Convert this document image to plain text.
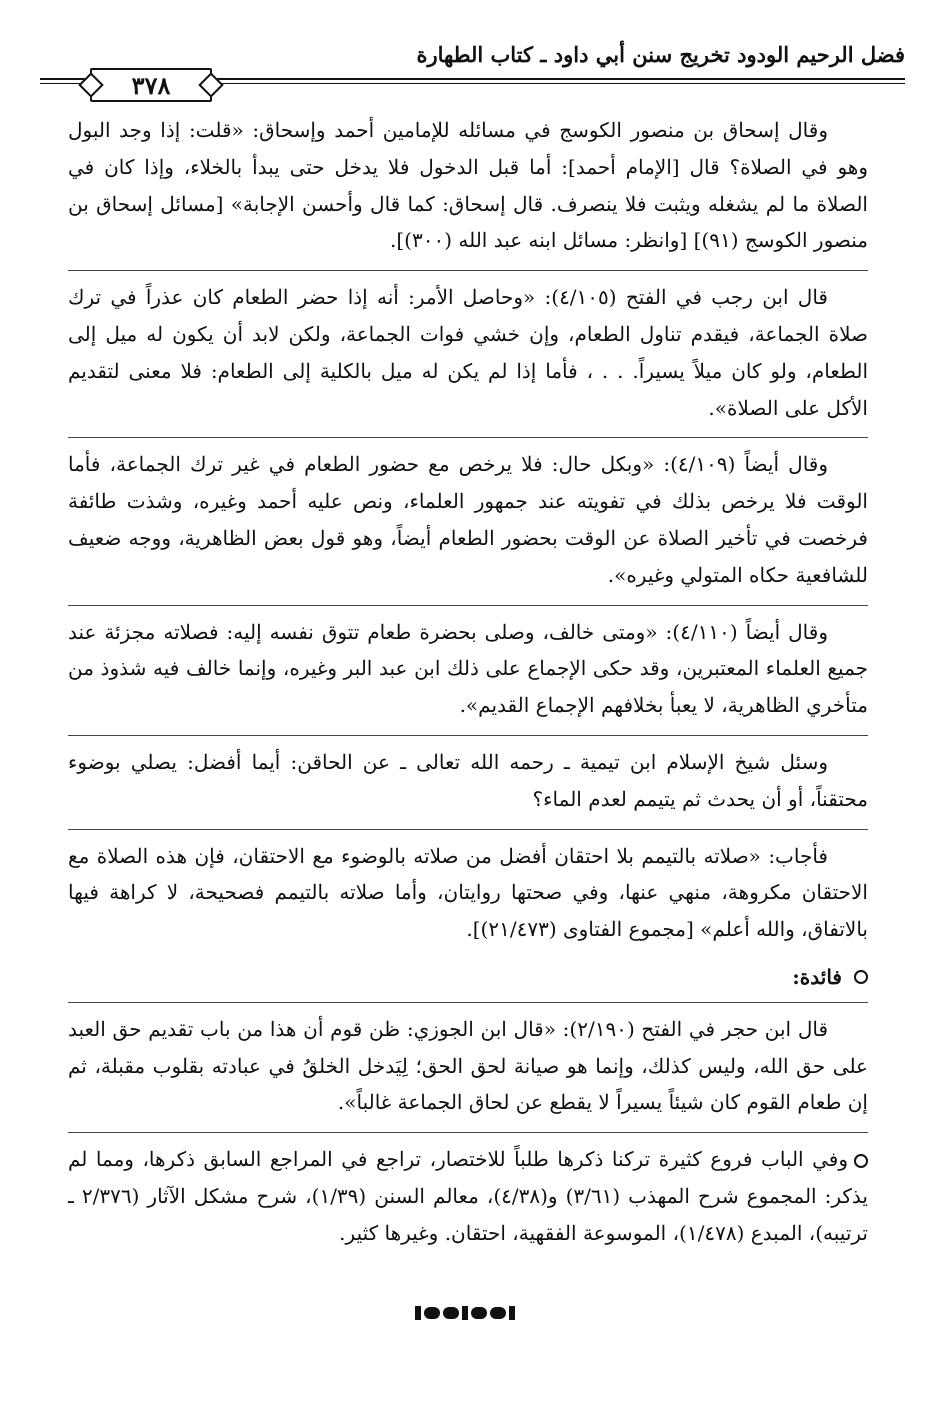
فضل الرحيم الودود تخريج سنن أبي داود ـ كتاب الطهارة
٣٧٨

وقال إسحاق بن منصور الكوسج في مسائله للإمامين أحمد وإسحاق: «قلت: إذا وجد البول وهو في الصلاة؟ قال [الإمام أحمد]: أما قبل الدخول فلا يدخل حتى يبدأ بالخلاء، وإذا كان في الصلاة ما لم يشغله ويثبت فلا ينصرف. قال إسحاق: كما قال وأحسن الإجابة» [مسائل إسحاق بن منصور الكوسج (٩١)] [وانظر: مسائل ابنه عبد الله (٣٠٠)].

قال ابن رجب في الفتح (٤/١٠٥): «وحاصل الأمر: أنه إذا حضر الطعام كان عذراً في ترك صلاة الجماعة، فيقدم تناول الطعام، وإن خشي فوات الجماعة، ولكن لابد أن يكون له ميل إلى الطعام، ولو كان ميلاً يسيراً. . . ، فأما إذا لم يكن له ميل بالكلية إلى الطعام: فلا معنى لتقديم الأكل على الصلاة».

وقال أيضاً (٤/١٠٩): «وبكل حال: فلا يرخص مع حضور الطعام في غير ترك الجماعة، فأما الوقت فلا يرخص بذلك في تفويته عند جمهور العلماء، ونص عليه أحمد وغيره، وشذت طائفة فرخصت في تأخير الصلاة عن الوقت بحضور الطعام أيضاً، وهو قول بعض الظاهرية، ووجه ضعيف للشافعية حكاه المتولي وغيره».

وقال أيضاً (٤/١١٠): «ومتى خالف، وصلى بحضرة طعام تتوق نفسه إليه: فصلاته مجزئة عند جميع العلماء المعتبرين، وقد حكى الإجماع على ذلك ابن عبد البر وغيره، وإنما خالف فيه شذوذ من متأخري الظاهرية، لا يعبأ بخلافهم الإجماع القديم».

وسئل شيخ الإسلام ابن تيمية ـ رحمه الله تعالى ـ عن الحاقن: أيما أفضل: يصلي بوضوء محتقناً، أو أن يحدث ثم يتيمم لعدم الماء؟

فأجاب: «صلاته بالتيمم بلا احتقان أفضل من صلاته بالوضوء مع الاحتقان، فإن هذه الصلاة مع الاحتقان مكروهة، منهي عنها، وفي صحتها روايتان، وأما صلاته بالتيمم فصحيحة، لا كراهة فيها بالاتفاق، والله أعلم» [مجموع الفتاوى (٢١/٤٧٣)].

فائدة:

قال ابن حجر في الفتح (٢/١٩٠): «قال ابن الجوزي: ظن قوم أن هذا من باب تقديم حق العبد على حق الله، وليس كذلك، وإنما هو صيانة لحق الحق؛ لِيَدخل الخلقُ في عبادته بقلوب مقبلة، ثم إن طعام القوم كان شيئاً يسيراً لا يقطع عن لحاق الجماعة غالباً».

وفي الباب فروع كثيرة تركنا ذكرها طلباً للاختصار، تراجع في المراجع السابق ذكرها، ومما لم يذكر: المجموع شرح المهذب (٣/٦١) و(٤/٣٨)، معالم السنن (١/٣٩)، شرح مشكل الآثار (٢/٣٧٦ ـ ترتيبه)، المبدع (١/٤٧٨)، الموسوعة الفقهية، احتقان. وغيرها كثير.
